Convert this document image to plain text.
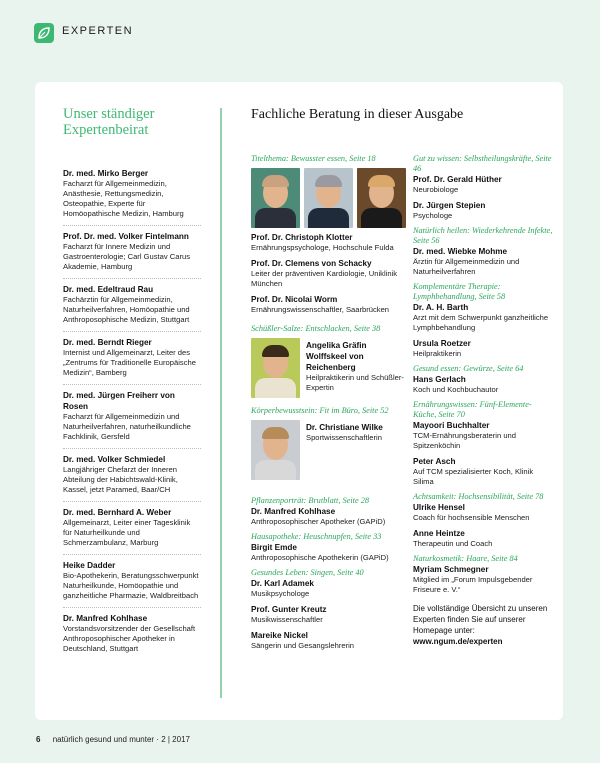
EXPERTEN
Unser ständiger Expertenbeirat
Dr. med. Mirko Berger
Facharzt für Allgemeinmedizin, Anästhesie, Rettungsmedizin, Osteopathie, Experte für Homöopathische Medizin, Hamburg
Prof. Dr. med. Volker Fintelmann
Facharzt für Innere Medizin und Gastroenterologie; Carl Gustav Carus Akademie, Hamburg
Dr. med. Edeltraud Rau
Fachärztin für Allgemeinmedizin, Naturheilverfahren, Homöopathie und Anthroposophische Medizin, Stuttgart
Dr. med. Berndt Rieger
Internist und Allgemeinarzt, Leiter des „Zentrums für Traditionelle Europäische Medizin“, Bamberg
Dr. med. Jürgen Freiherr von Rosen
Facharzt für Allgemeinmedizin und Naturheilverfahren, naturheilkundliche Fachklinik, Gersfeld
Dr. med. Volker Schmiedel
Langjähriger Chefarzt der Inneren Abteilung der Habichtswald-Klinik, Kassel, jetzt Paramed, Baar/CH
Dr. med. Bernhard A. Weber
Allgemeinarzt, Leiter einer Tagesklinik für Naturheilkunde und Schmerzambulanz, Marburg
Heike Dadder
Bio-Apothekerin, Beratungsschwerpunkt Naturheilkunde, Homöopathie und ganzheitliche Pharmazie, Waldbreitbach
Dr. Manfred Kohlhase
Vorstandsvorsitzender der Gesellschaft Anthroposophischer Apotheker in Deutschland, Stuttgart
Fachliche Beratung in dieser Ausgabe
Titelthema: Bewusster essen, Seite 18
Prof. Dr. Christoph Klotter
Ernährungspsychologe, Hochschule Fulda
Prof. Dr. Clemens von Schacky
Leiter der präventiven Kardiologie, Uniklinik München
Prof. Dr. Nicolai Worm
Ernährungswissenschaftler, Saarbrücken
Schüßler-Salze: Entschlacken, Seite 38
Angelika Gräfin Wolffskeel von Reichenberg
Heilpraktikerin und Schüßler-Expertin
Körperbewusstsein: Fit im Büro, Seite 52
Dr. Christiane Wilke
Sportwissenschaftlerin
Pflanzenporträt: Brutblatt, Seite 28
Dr. Manfred Kohlhase
Anthroposophischer Apotheker (GAPiD)
Hausapotheke: Heuschnupfen, Seite 33
Birgit Emde
Anthroposophische Apothekerin (GAPiD)
Gesundes Leben: Singen, Seite 40
Dr. Karl Adamek
Musikpsychologe
Prof. Gunter Kreutz
Musikwissenschaftler
Mareike Nickel
Sängerin und Gesangslehrerin
Gut zu wissen: Selbstheilungskräfte, Seite 46
Prof. Dr. Gerald Hüther
Neurobiologe
Dr. Jürgen Stepien
Psychologe
Natürlich heilen: Wiederkehrende Infekte, Seite 56
Dr. med. Wiebke Mohme
Ärztin für Allgemeinmedizin und Naturheilverfahren
Komplementäre Therapie: Lymphbehandlung, Seite 58
Dr. A. H. Barth
Arzt mit dem Schwerpunkt ganzheitliche Lymphbehandlung
Ursula Roetzer
Heilpraktikerin
Gesund essen: Gewürze, Seite 64
Hans Gerlach
Koch und Kochbuchautor
Ernährungswissen: Fünf-Elemente-Küche, Seite 70
Mayoori Buchhalter
TCM-Ernährungsberaterin und Spitzenköchin
Peter Asch
Auf TCM spezialisierter Koch, Klinik Silima
Achtsamkeit: Hochsensibilität, Seite 78
Ulrike Hensel
Coach für hochsensible Menschen
Anne Heintze
Therapeutin und Coach
Naturkosmetik: Haare, Seite 84
Myriam Schmegner
Mitglied im „Forum Impulsgebender Friseure e. V.“
Die vollständige Übersicht zu unseren Experten finden Sie auf unserer Homepage unter:
www.ngum.de/experten
6 natürlich gesund und munter · 2 | 2017
